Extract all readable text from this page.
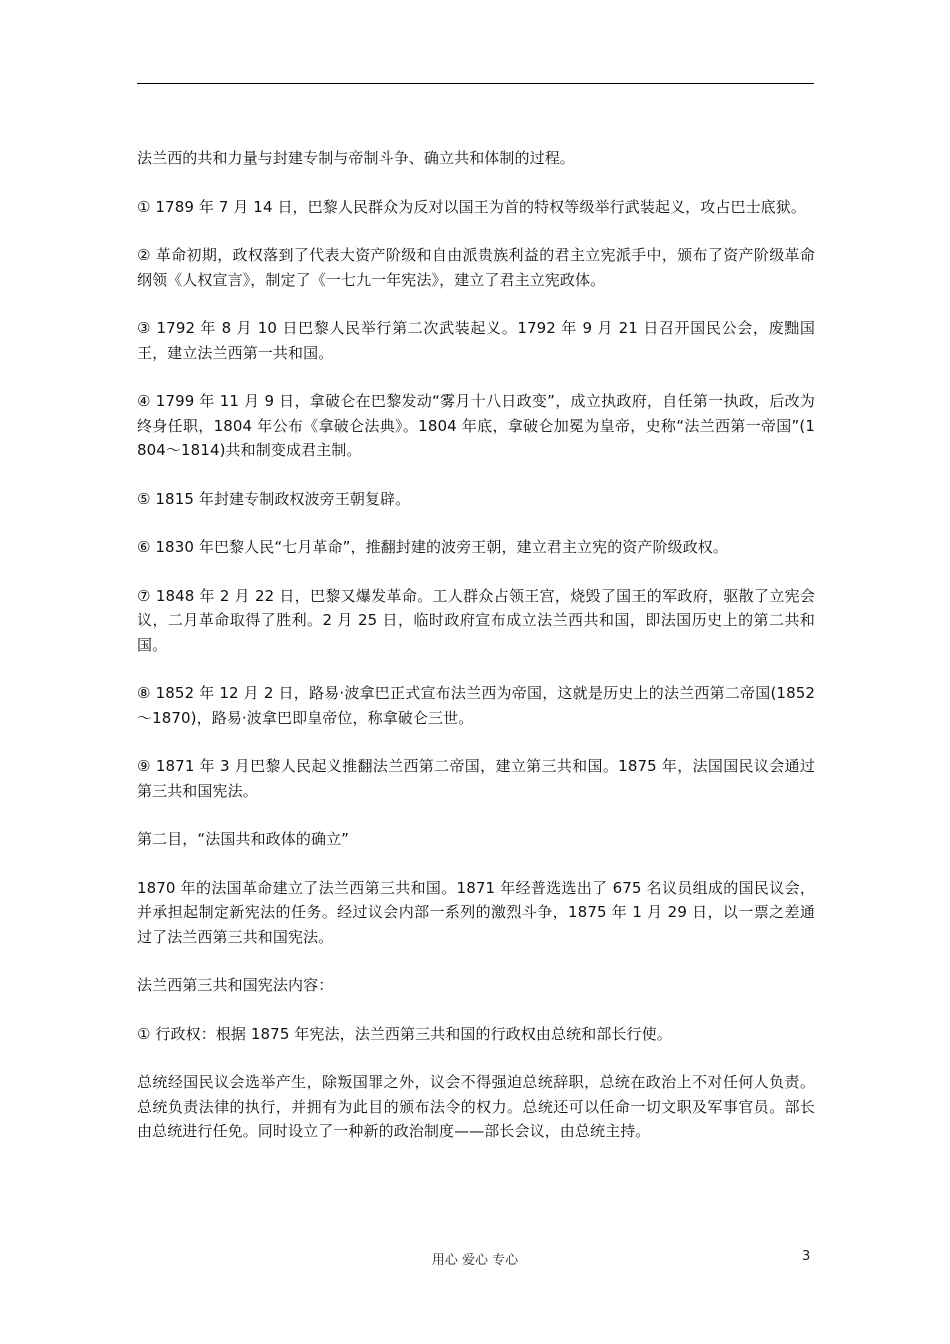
法兰西的共和力量与封建专制与帝制斗争、确立共和体制的过程。

① 1789 年 7 月 14 日，巴黎人民群众为反对以国王为首的特权等级举行武装起义，攻占巴士底狱。

② 革命初期，政权落到了代表大资产阶级和自由派贵族利益的君主立宪派手中，颁布了资产阶级革命纲领《人权宣言》，制定了《一七九一年宪法》，建立了君主立宪政体。

③ 1792 年 8 月 10 日巴黎人民举行第二次武装起义。1792 年 9 月 21 日召开国民公会，废黜国王，建立法兰西第一共和国。

④ 1799 年 11 月 9 日，拿破仑在巴黎发动“雾月十八日政变”，成立执政府，自任第一执政，后改为终身任职，1804 年公布《拿破仑法典》。1804 年底，拿破仑加冕为皇帝，史称“法兰西第一帝国”(1804～1814)共和制变成君主制。

⑤ 1815 年封建专制政权波旁王朝复辟。

⑥ 1830 年巴黎人民“七月革命”，推翻封建的波旁王朝，建立君主立宪的资产阶级政权。

⑦ 1848 年 2 月 22 日，巴黎又爆发革命。工人群众占领王宫，烧毁了国王的军政府，驱散了立宪会议，二月革命取得了胜利。2 月 25 日，临时政府宣布成立法兰西共和国，即法国历史上的第二共和国。

⑧ 1852 年 12 月 2 日，路易·波拿巴正式宣布法兰西为帝国，这就是历史上的法兰西第二帝国(1852～1870)，路易·波拿巴即皇帝位，称拿破仑三世。

⑨ 1871 年 3 月巴黎人民起义推翻法兰西第二帝国，建立第三共和国。1875 年，法国国民议会通过第三共和国宪法。

第二目，“法国共和政体的确立”

1870 年的法国革命建立了法兰西第三共和国。1871 年经普选选出了 675 名议员组成的国民议会，并承担起制定新宪法的任务。经过议会内部一系列的激烈斗争，1875 年 1 月 29 日，以一票之差通过了法兰西第三共和国宪法。

法兰西第三共和国宪法内容：

① 行政权：根据 1875 年宪法，法兰西第三共和国的行政权由总统和部长行使。

总统经国民议会选举产生，除叛国罪之外，议会不得强迫总统辞职，总统在政治上不对任何人负责。总统负责法律的执行，并拥有为此目的颁布法令的权力。总统还可以任命一切文职及军事官员。部长由总统进行任免。同时设立了一种新的政治制度——部长会议，由总统主持。

用心 爱心 专心	3
